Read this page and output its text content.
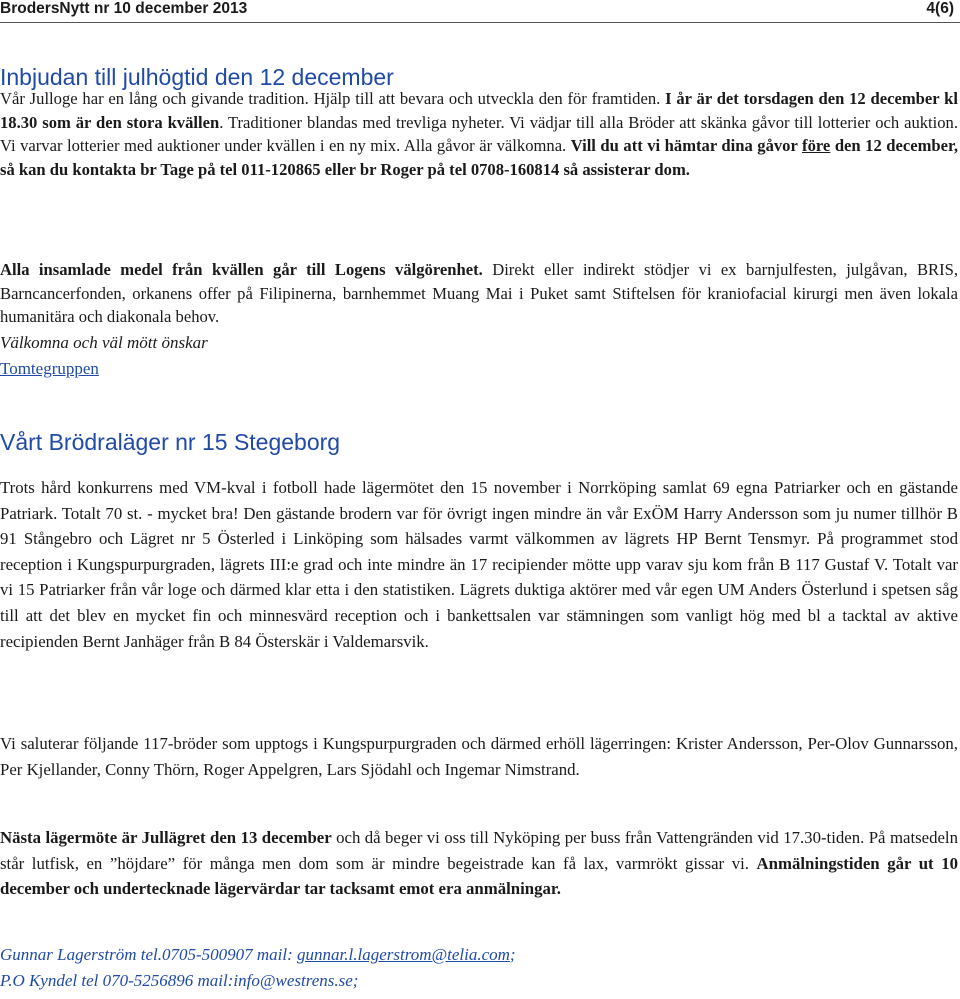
BrodersNytt nr 10 december 2013	4(6)
Inbjudan till julhögtid den 12 december

Vår Julloge har en lång och givande tradition. Hjälp till att bevara och utveckla den för framtiden. I år är det torsdagen den 12 december kl 18.30 som är den stora kvällen. Traditioner blandas med trevliga nyheter. Vi vädjar till alla Bröder att skänka gåvor till lotterier och auktion. Vi varvar lotterier med auktioner under kvällen i en ny mix. Alla gåvor är välkomna. Vill du att vi hämtar dina gåvor före den 12 december, så kan du kontakta br Tage på tel 011-120865 eller br Roger på tel 0708-160814 så assisterar dom.

Alla insamlade medel från kvällen går till Logens välgörenhet. Direkt eller indirekt stödjer vi ex barnjulfesten, julgåvan, BRIS, Barncancerfonden, orkanens offer på Filipinerna, barnhemmet Muang Mai i Puket samt Stiftelsen för kraniofacial kirurgi men även lokala humanitära och diakonala behov.

Välkomna och väl mött önskar
Tomtegruppen
Vårt Brödraläger nr 15 Stegeborg

Trots hård konkurrens med VM-kval i fotboll hade lägermötet den 15 november i Norrköping samlat 69 egna Patriarker och en gästande Patriark. Totalt 70 st. - mycket bra! Den gästande brodern var för övrigt ingen mindre än vår ExÖM Harry Andersson som ju numer tillhör B 91 Stångebro och Lägret nr 5 Österled i Linköping som hälsades varmt välkommen av lägrets HP Bernt Tensmyr. På programmet stod reception i Kungspurpurgraden, lägrets III:e grad och inte mindre än 17 recipiender mötte upp varav sju kom från B 117 Gustaf V. Totalt var vi 15 Patriarker från vår loge och därmed klar etta i den statistiken. Lägrets duktiga aktörer med vår egen UM Anders Österlund i spetsen såg till att det blev en mycket fin och minnesvärd reception och i bankettsalen var stämningen som vanligt hög med bl a tacktal av aktive recipienden Bernt Janhäger från B 84 Österskär i Valdemarsvik.

Vi saluterar följande 117-bröder som upptogs i Kungspurpurgraden och därmed erhöll lägerringen: Krister Andersson, Per-Olov Gunnarsson, Per Kjellander, Conny Thörn, Roger Appelgren, Lars Sjödahl och Ingemar Nimstrand.

Nästa lägermöte är Jullägret den 13 december och då beger vi oss till Nyköping per buss från Vattengränden vid 17.30-tiden. På matsedeln står lutfisk, en ”höjdare” för många men dom som är mindre begeistrade kan få lax, varmrökt gissar vi. Anmälningstiden går ut 10 december och undertecknade lägervärdar tar tacksamt emot era anmälningar.

Gunnar Lagerström tel.0705-500907 mail: gunnar.l.lagerstrom@telia.com;
P.O Kyndel tel 070-5256896 mail:info@westrens.se;
